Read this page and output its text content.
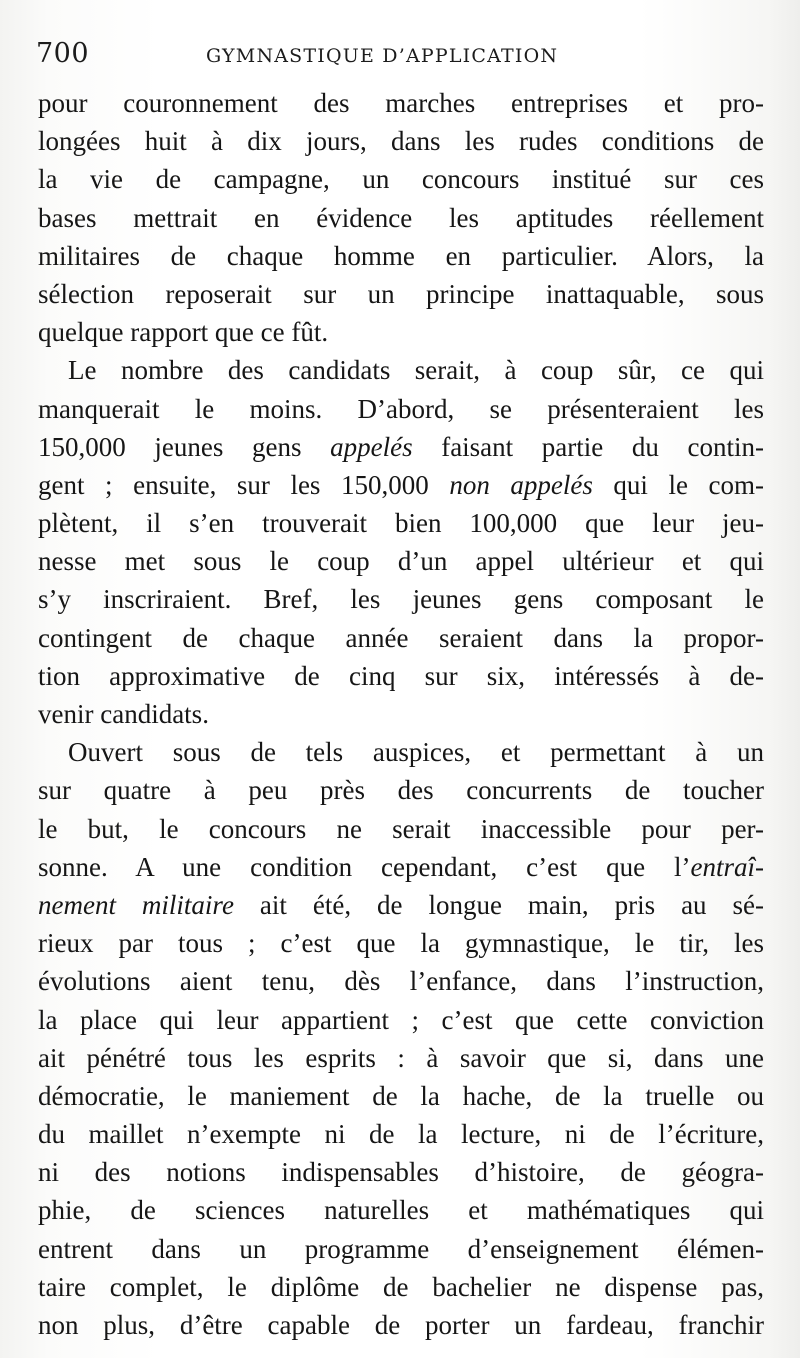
700	GYMNASTIQUE D’APPLICATION
pour couronnement des marches entreprises et pro-
longées huit à dix jours, dans les rudes conditions de
la vie de campagne, un concours institué sur ces
bases mettrait en évidence les aptitudes réellement
militaires de chaque homme en particulier. Alors, la
sélection reposerait sur un principe inattaquable, sous
quelque rapport que ce fût.
Le nombre des candidats serait, à coup sûr, ce qui
manquerait le moins. D’abord, se présenteraient les
150,000 jeunes gens appelés faisant partie du contin-
gent ; ensuite, sur les 150,000 non appelés qui le com-
plètent, il s’en trouverait bien 100,000 que leur jeu-
nesse met sous le coup d’un appel ultérieur et qui
s’y inscriraient. Bref, les jeunes gens composant le
contingent de chaque année seraient dans la propor-
tion approximative de cinq sur six, intéressés à de-
venir candidats.
Ouvert sous de tels auspices, et permettant à un
sur quatre à peu près des concurrents de toucher
le but, le concours ne serait inaccessible pour per-
sonne. A une condition cependant, c’est que l’entraî-
nement militaire ait été, de longue main, pris au sé-
rieux par tous ; c’est que la gymnastique, le tir, les
évolutions aient tenu, dès l’enfance, dans l’instruction,
la place qui leur appartient ; c’est que cette conviction
ait pénétré tous les esprits : à savoir que si, dans une
démocratie, le maniement de la hache, de la truelle ou
du maillet n’exempte ni de la lecture, ni de l’écriture,
ni des notions indispensables d’histoire, de géogra-
phie, de sciences naturelles et mathématiques qui
entrent dans un programme d’enseignement élémen-
taire complet, le diplôme de bachelier ne dispense pas,
non plus, d’être capable de porter un fardeau, franchir
